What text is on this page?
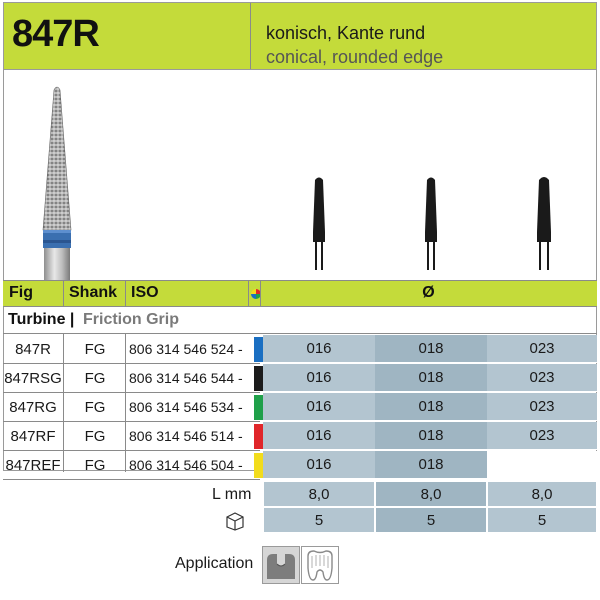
847R	konisch, Kante rund
conical, rounded edge
Fig Shank ISO	Ø
Turbine | Friction Grip
847R	FG	806 314 546 524 -	016	018	023
847RSG	FG	806 314 546 544 -	016	018	023
847RG	FG	806 314 546 534 -	016	018	023
847RF	FG	806 314 546 514 -	016	018	023
847REF	FG	806 314 546 504 -	016	018
L mm	8,0	8,0	8,0
5	5	5
Application
